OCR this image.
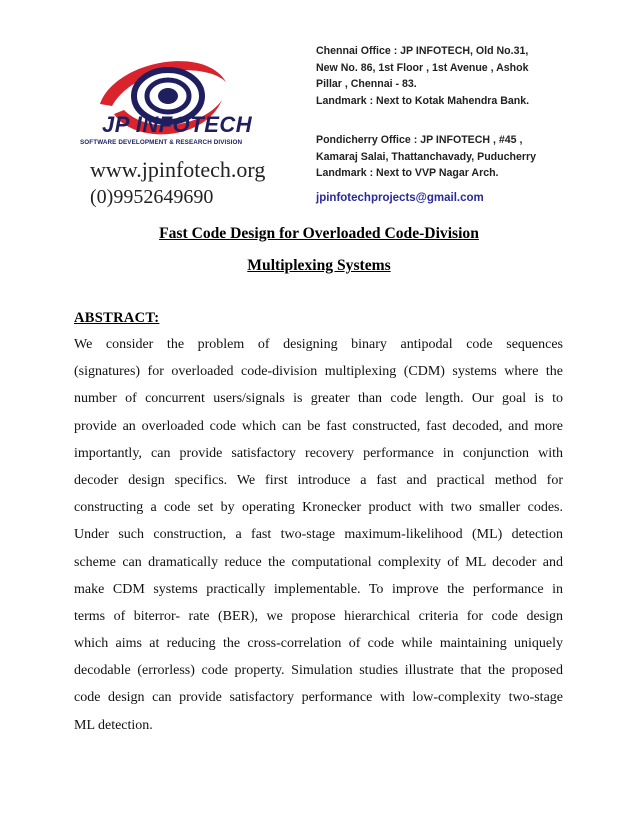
JP INFOTECH
SOFTWARE DEVELOPMENT & RESEARCH DIVISION
www.jpinfotech.org
(0)9952649690
Chennai Office : JP INFOTECH, Old No.31,
New No. 86, 1st Floor , 1st Avenue , Ashok
Pillar , Chennai - 83.
Landmark : Next to Kotak Mahendra Bank.
Pondicherry Office : JP INFOTECH , #45 ,
Kamaraj Salai, Thattanchavady, Puducherry
Landmark : Next to VVP Nagar Arch.
jpinfotechprojects@gmail.com
Fast Code Design for Overloaded Code-Division
Multiplexing Systems
ABSTRACT:
We consider the problem of designing binary antipodal code sequences
(signatures) for overloaded code-division multiplexing (CDM) systems where the
number of concurrent users/signals is greater than code length. Our goal is to
provide an overloaded code which can be fast constructed, fast decoded, and more
importantly, can provide satisfactory recovery performance in conjunction with
decoder design specifics. We first introduce a fast and practical method for
constructing a code set by operating Kronecker product with two smaller codes.
Under such construction, a fast two-stage maximum-likelihood (ML) detection
scheme can dramatically reduce the computational complexity of ML decoder and
make CDM systems practically implementable. To improve the performance in
terms of biterror- rate (BER), we propose hierarchical criteria for code design
which aims at reducing the cross-correlation of code while maintaining uniquely
decodable (errorless) code property. Simulation studies illustrate that the proposed
code design can provide satisfactory performance with low-complexity two-stage
ML detection.
